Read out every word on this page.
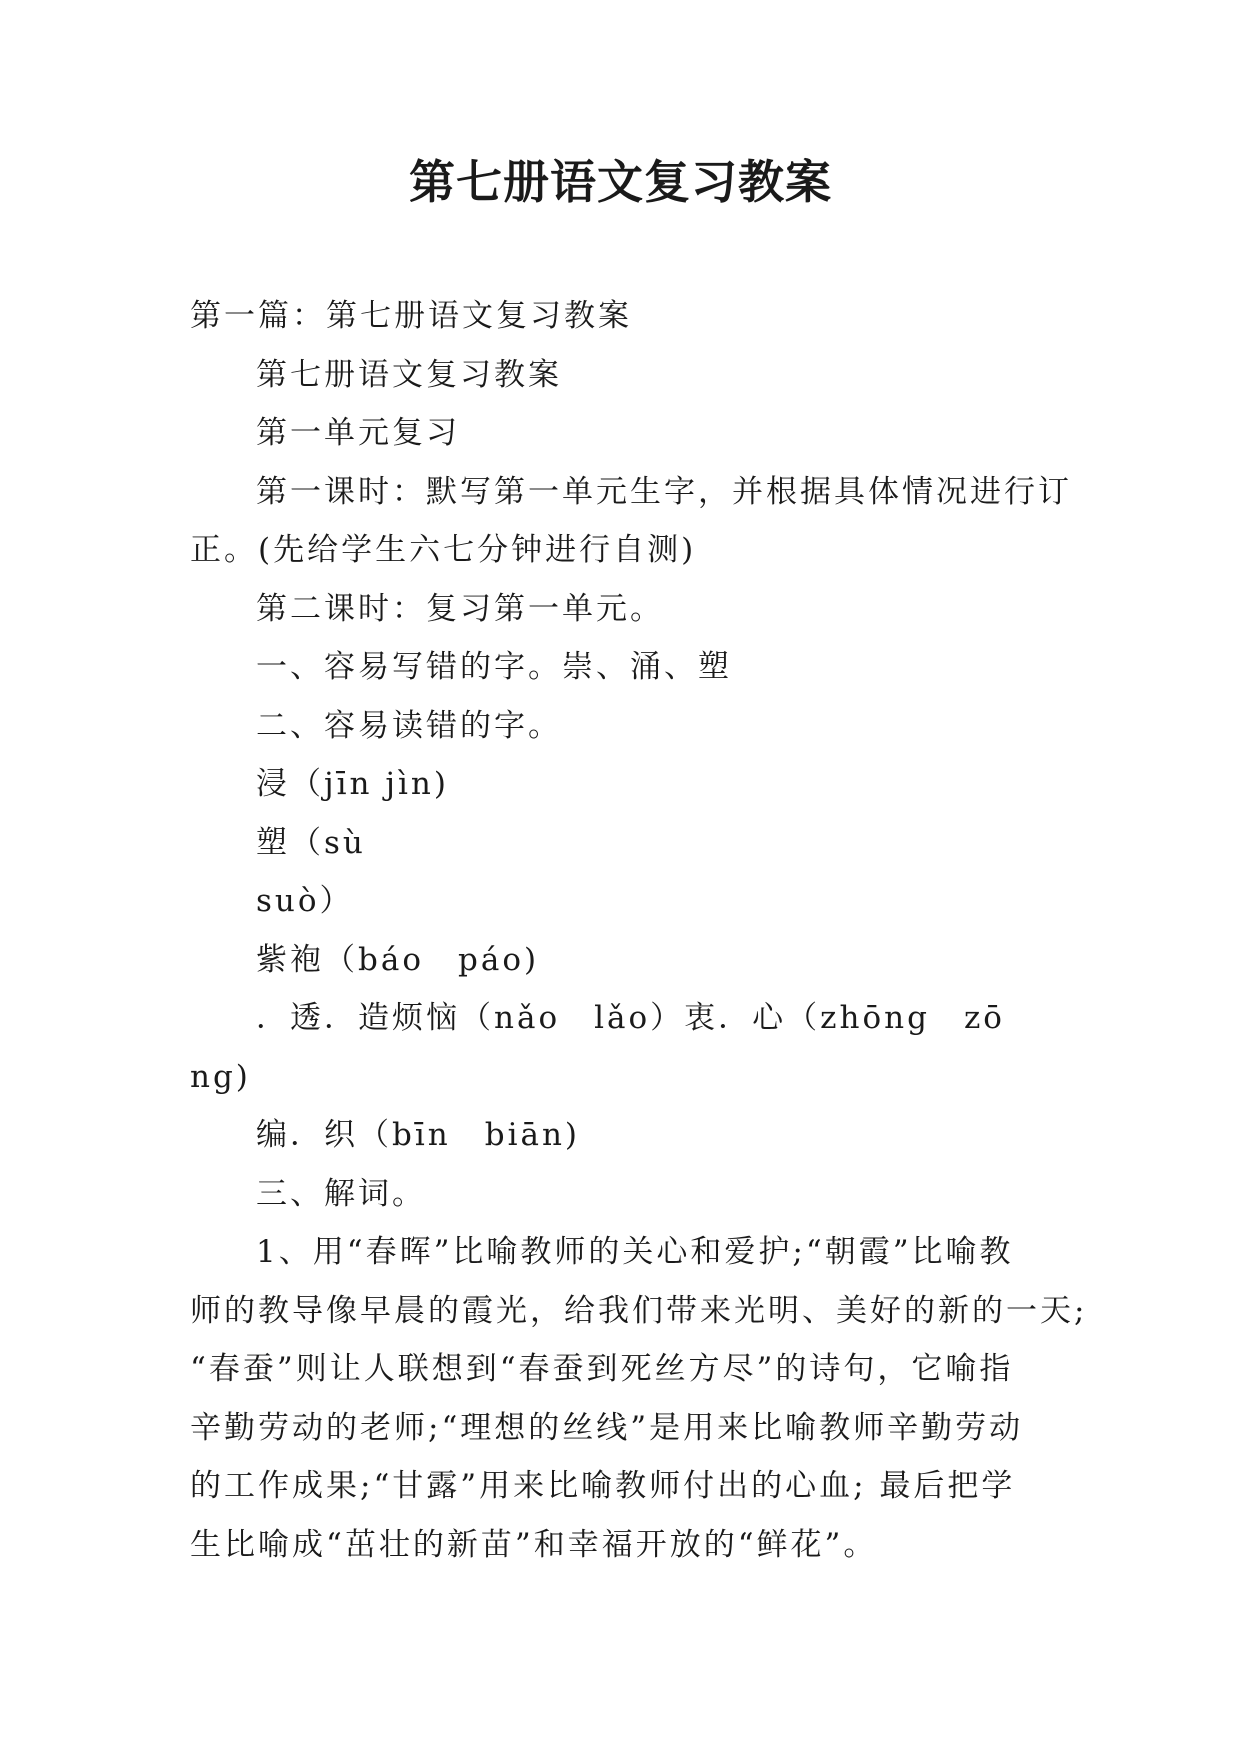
第七册语文复习教案

第一篇：第七册语文复习教案

第七册语文复习教案

第一单元复习

第一课时：默写第一单元生字，并根据具体情况进行订

正。(先给学生六七分钟进行自测)

第二课时：复习第一单元。

一、容易写错的字。崇、涌、塑

二、容易读错的字。

浸（jīn jìn)

塑（sù

suò）

紫袍（báo　páo)

．透．造烦恼（nǎo　lǎo）衷．心（zhōng　zō

ng)

编．织（bīn　biān)

三、解词。

1、用“春晖”比喻教师的关心和爱护;“朝霞”比喻教

师的教导像早晨的霞光，给我们带来光明、美好的新的一天;

“春蚕”则让人联想到“春蚕到死丝方尽”的诗句，它喻指

辛勤劳动的老师;“理想的丝线”是用来比喻教师辛勤劳动

的工作成果;“甘露”用来比喻教师付出的心血; 最后把学

生比喻成“茁壮的新苗”和幸福开放的“鲜花”。
